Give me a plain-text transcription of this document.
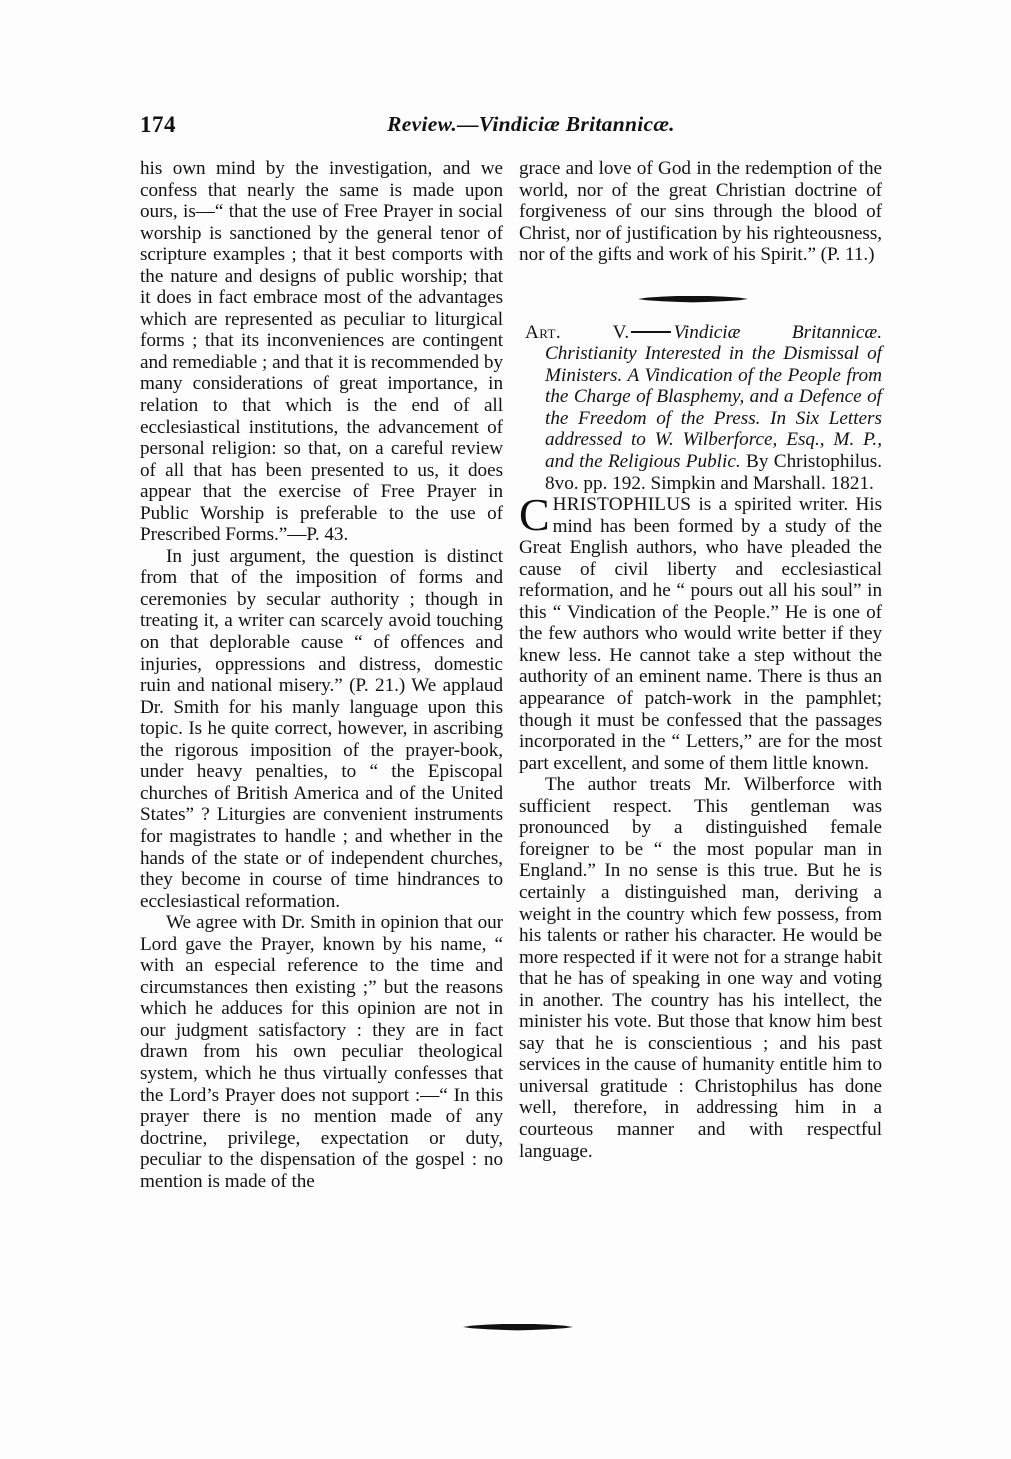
174	Review.—Vindiciæ Britannicæ.

his own mind by the investigation, and we confess that nearly the same is made upon ours, is—“ that the use of Free Prayer in social worship is sanctioned by the general tenor of scripture examples ; that it best comports with the nature and designs of public worship; that it does in fact embrace most of the advantages which are represented as peculiar to liturgical forms ; that its inconveniences are contingent and remediable ; and that it is recommended by many considerations of great importance, in relation to that which is the end of all ecclesiastical institutions, the advancement of personal religion: so that, on a careful review of all that has been presented to us, it does appear that the exercise of Free Prayer in Public Worship is preferable to the use of Prescribed Forms.”—P. 43.

In just argument, the question is distinct from that of the imposition of forms and ceremonies by secular authority ; though in treating it, a writer can scarcely avoid touching on that deplorable cause “ of offences and injuries, oppressions and distress, domestic ruin and national misery.” (P. 21.) We applaud Dr. Smith for his manly language upon this topic. Is he quite correct, however, in ascribing the rigorous imposition of the prayer-book, under heavy penalties, to “ the Episcopal churches of British America and of the United States” ? Liturgies are convenient instruments for magistrates to handle ; and whether in the hands of the state or of independent churches, they become in course of time hindrances to ecclesiastical reformation.

We agree with Dr. Smith in opinion that our Lord gave the Prayer, known by his name, “ with an especial reference to the time and circumstances then existing ;” but the reasons which he adduces for this opinion are not in our judgment satisfactory : they are in fact drawn from his own peculiar theological system, which he thus virtually confesses that the Lord’s Prayer does not support :—“ In this prayer there is no mention made of any doctrine, privilege, expectation or duty, peculiar to the dispensation of the gospel : no mention is made of the

grace and love of God in the redemption of the world, nor of the great Christian doctrine of forgiveness of our sins through the blood of Christ, nor of justification by his righteousness, nor of the gifts and work of his Spirit.” (P. 11.)

Art. V. Vindiciæ Britannicæ. Christianity Interested in the Dismissal of Ministers. A Vindication of the People from the Charge of Blasphemy, and a Defence of the Freedom of the Press. In Six Letters addressed to W. Wilberforce, Esq., M. P., and the Religious Public. By Christophilus. 8vo. pp. 192. Simpkin and Marshall. 1821.

CHRISTOPHILUS is a spirited writer. His mind has been formed by a study of the Great English authors, who have pleaded the cause of civil liberty and ecclesiastical reformation, and he “ pours out all his soul” in this “ Vindication of the People.” He is one of the few authors who would write better if they knew less. He cannot take a step without the authority of an eminent name. There is thus an appearance of patch-work in the pamphlet; though it must be confessed that the passages incorporated in the “ Letters,” are for the most part excellent, and some of them little known.

The author treats Mr. Wilberforce with sufficient respect. This gentleman was pronounced by a distinguished female foreigner to be “ the most popular man in England.” In no sense is this true. But he is certainly a distinguished man, deriving a weight in the country which few possess, from his talents or rather his character. He would be more respected if it were not for a strange habit that he has of speaking in one way and voting in another. The country has his intellect, the minister his vote. But those that know him best say that he is conscientious ; and his past services in the cause of humanity entitle him to universal gratitude : Christophilus has done well, therefore, in addressing him in a courteous manner and with respectful language.
